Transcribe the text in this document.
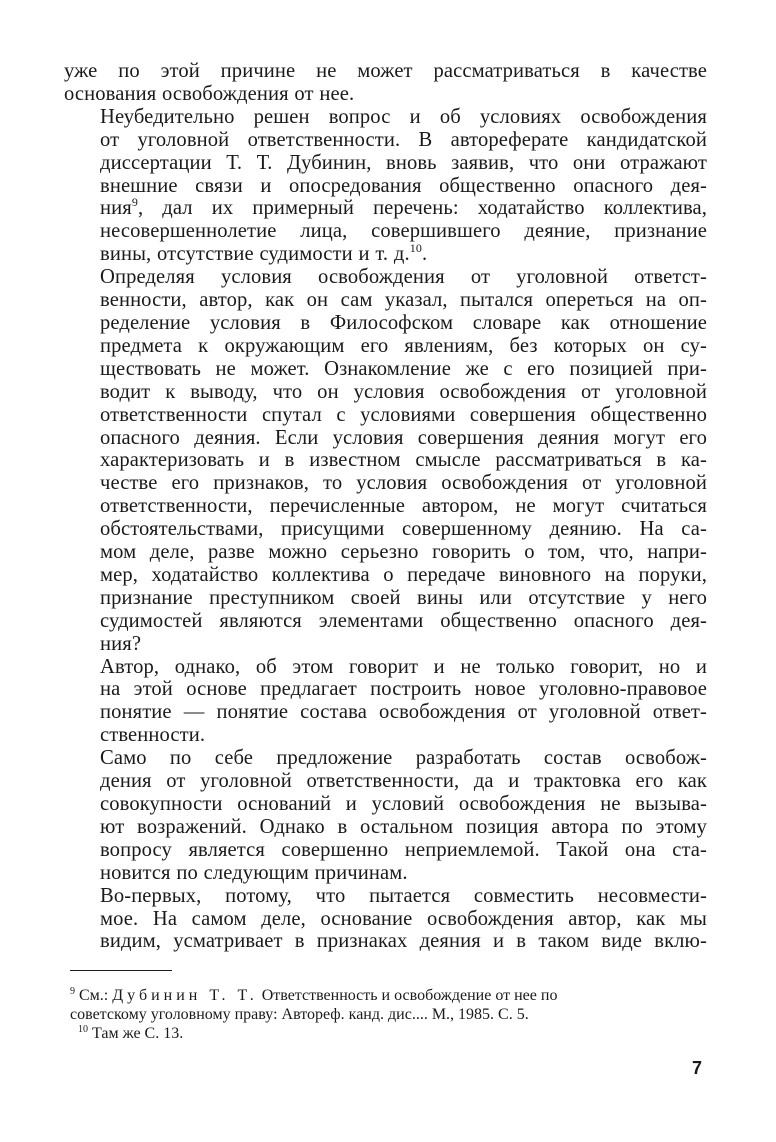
уже по этой причине не может рассматриваться в качестве
основания освобождения от нее.

Неубедительно решен вопрос и об условиях освобождения
от уголовной ответственности. В автореферате кандидатской
диссертации Т. Т. Дубинин, вновь заявив, что они отражают
внешние связи и опосредования общественно опасного дея-
ния$^9$, дал их примерный перечень: ходатайство коллектива,
несовершеннолетие лица, совершившего деяние, признание
вины, отсутствие судимости и т. д.$^{10}$.

Определяя условия освобождения от уголовной ответст-
венности, автор, как он сам указал, пытался опереться на оп-
ределение условия в Философском словаре как отношение
предмета к окружающим его явлениям, без которых он су-
ществовать не может. Ознакомление же с его позицией при-
водит к выводу, что он условия освобождения от уголовной
ответственности спутал с условиями совершения общественно
опасного деяния. Если условия совершения деяния могут его
характеризовать и в известном смысле рассматриваться в ка-
честве его признаков, то условия освобождения от уголовной
ответственности, перечисленные автором, не могут считаться
обстоятельствами, присущими совершенному деянию. На са-
мом деле, разве можно серьезно говорить о том, что, напри-
мер, ходатайство коллектива о передаче виновного на поруки,
признание преступником своей вины или отсутствие у него
судимостей являются элементами общественно опасного дея-
ния?

Автор, однако, об этом говорит и не только говорит, но и
на этой основе предлагает построить новое уголовно-правовое
понятие — понятие состава освобождения от уголовной ответ-
ственности.

Само по себе предложение разработать состав освобож-
дения от уголовной ответственности, да и трактовка его как
совокупности оснований и условий освобождения не вызыва-
ют возражений. Однако в остальном позиция автора по этому
вопросу является совершенно неприемлемой. Такой она ста-
новится по следующим причинам.

Во-первых, потому, что пытается совместить несовмести-
мое. На самом деле, основание освобождения автор, как мы
видим, усматривает в признаках деяния и в таком виде вклю-

$^9$ См.: Дубинин Т. Т. Ответственность и освобождение от нее по

советскому уголовному праву: Автореф. канд. дис.... М., 1985. С. 5.

$^{10}$ Там же С. 13.

7
